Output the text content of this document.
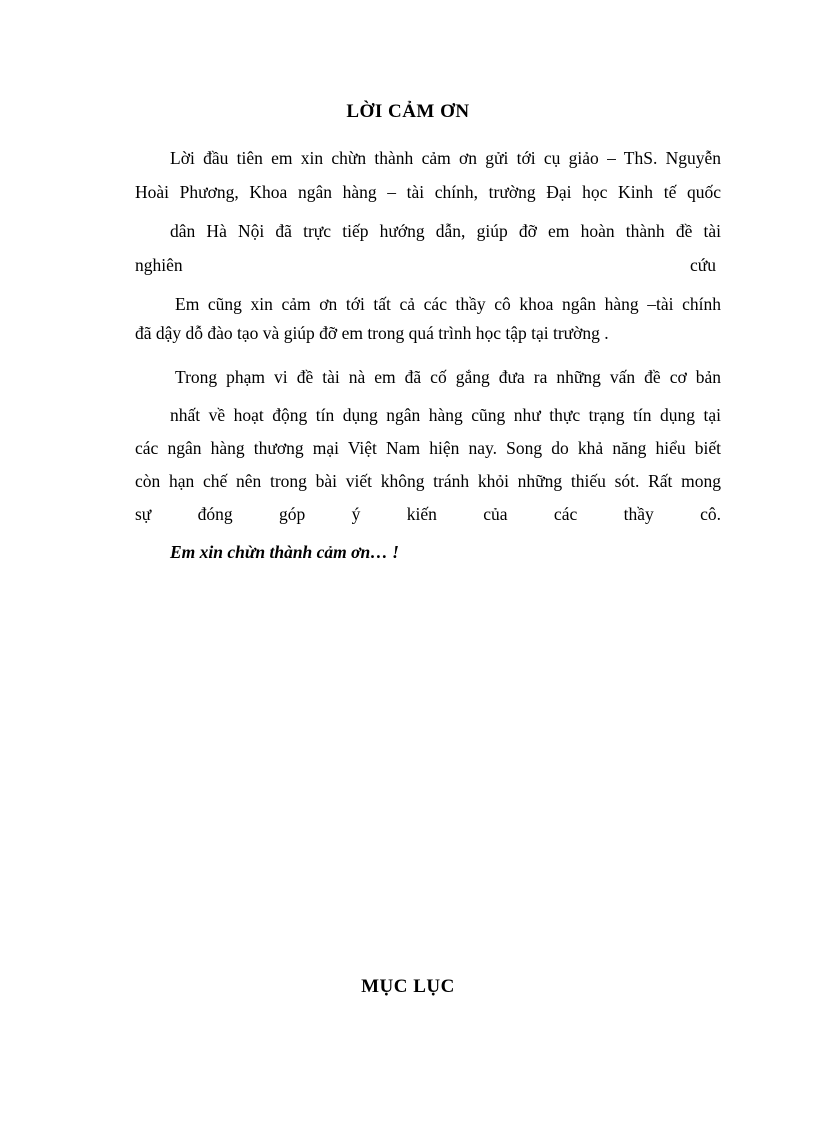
LỜI CẢM ƠN
Lời đầu tiên em xin chừn thành cảm ơn gửi tới cụ giảo – ThS. Nguyễn
Hoài Phương, Khoa ngân hàng – tài chính, trường Đại học Kinh tế quốc
dân Hà Nội đã trực tiếp hướng dẫn, giúp đỡ em hoàn thành đề tài
nghiên	cứu
Em cũng xin cảm ơn tới tất cả các thầy cô khoa ngân hàng –tài chính
đã dậy dỗ đào tạo và giúp đỡ em trong quá trình học tập tại trường .
Trong phạm vi đề tài nà em đã cố gắng đưa ra những vấn đề cơ bản
nhất về hoạt động tín dụng ngân hàng cũng như thực trạng tín dụng tại
các ngân hàng thương mại Việt Nam hiện nay. Song do khả năng hiểu biết
còn hạn chế nên trong bài viết không tránh khỏi những thiếu sót. Rất mong
sự đóng góp ý kiến của các thầy cô.
Em xin chừn thành cảm ơn… !
MỤC LỤC
